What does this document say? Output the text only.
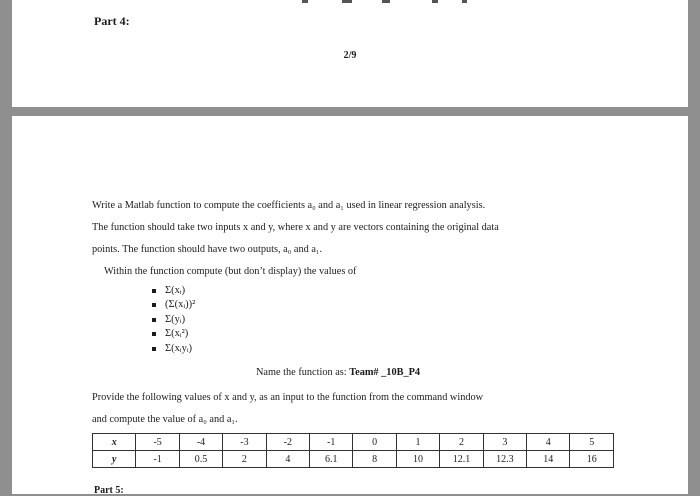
Part 4:
2/9

Write a Matlab function to compute the coefficients a₀ and a₁ used in linear regression analysis.

The function should take two inputs x and y, where x and y are vectors containing the original data

points. The function should have two outputs, a₀ and a₁.

Within the function compute (but don’t display) the values of

Σ(xᵢ)
(Σ(xᵢ))²
Σ(yᵢ)
Σ(xᵢ²)
Σ(xᵢyᵢ)
Name the function as: Team# _10B_P4

Provide the following values of x and y, as an input to the function from the command window

and compute the value of a₀ and a₁.

x	-5	-4	-3	-2	-1	0	1	2	3	4	5
y	-1	0.5	2	4	6.1	8	10	12.1	12.3	14	16
Part 5:
